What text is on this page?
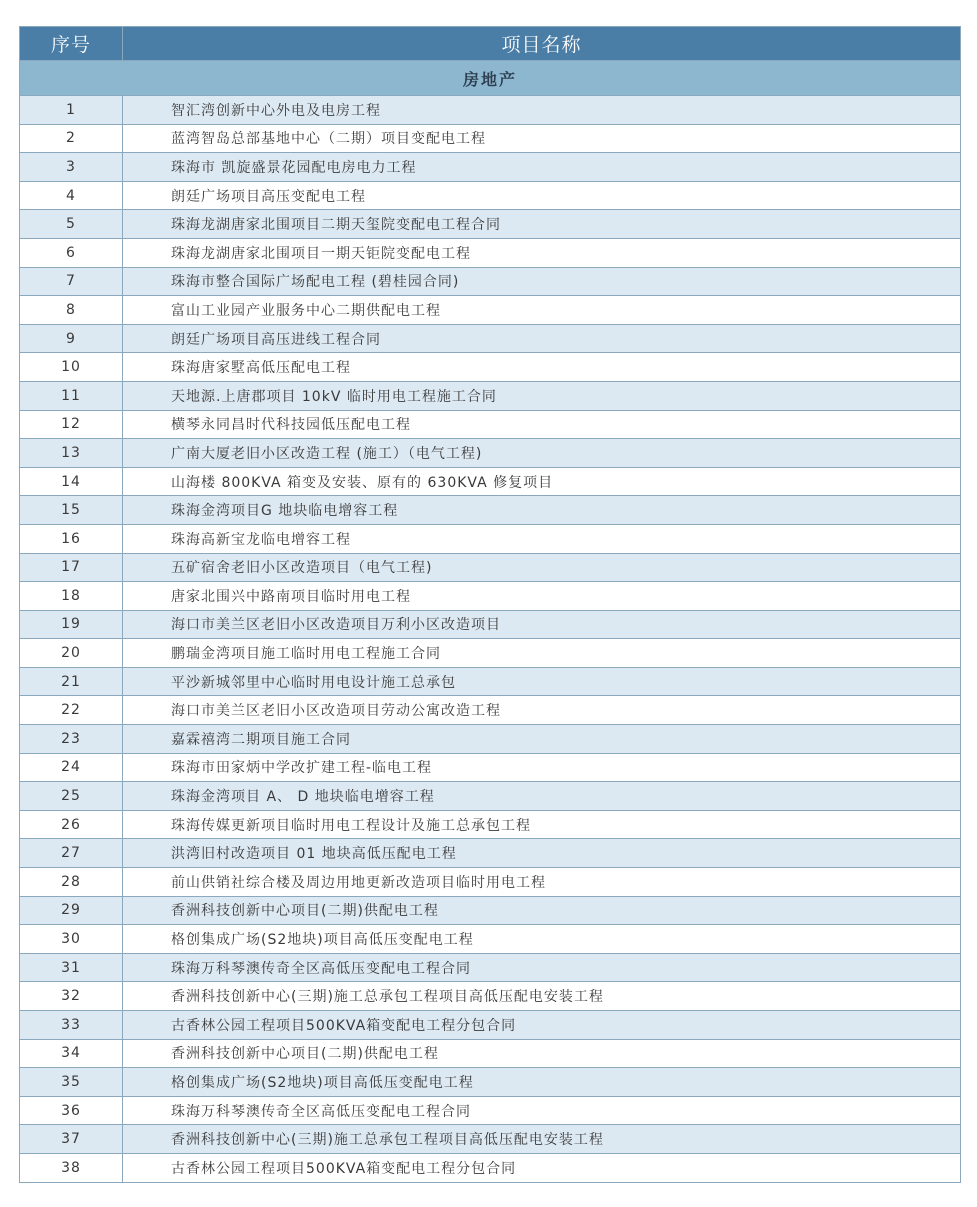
序号	项目名称
房地产	
1	智汇湾创新中心外电及电房工程
2	蓝湾智岛总部基地中心（二期）项目变配电工程
3	珠海市 凯旋盛景花园配电房电力工程
4	朗廷广场项目高压变配电工程
5	珠海龙湖唐家北围项目二期天玺院变配电工程合同
6	珠海龙湖唐家北围项目一期天钜院变配电工程
7	珠海市整合国际广场配电工程 (碧桂园合同)
8	富山工业园产业服务中心二期供配电工程
9	朗廷广场项目高压进线工程合同
10	珠海唐家墅高低压配电工程
11	天地源.上唐郡项目 10kV 临时用电工程施工合同
12	横琴永同昌时代科技园低压配电工程
13	广南大厦老旧小区改造工程 (施工）（电气工程)
14	山海楼 800KVA 箱变及安装、原有的 630KVA 修复项目
15	珠海金湾项目G 地块临电增容工程
16	珠海高新宝龙临电增容工程
17	五矿宿舍老旧小区改造项目（电气工程)
18	唐家北围兴中路南项目临时用电工程
19	海口市美兰区老旧小区改造项目万利小区改造项目
20	鹏瑞金湾项目施工临时用电工程施工合同
21	平沙新城邻里中心临时用电设计施工总承包
22	海口市美兰区老旧小区改造项目劳动公寓改造工程
23	嘉霖禧湾二期项目施工合同
24	珠海市田家炳中学改扩建工程-临电工程
25	珠海金湾项目 A、 D 地块临电增容工程
26	珠海传媒更新项目临时用电工程设计及施工总承包工程
27	洪湾旧村改造项目 01 地块高低压配电工程
28	前山供销社综合楼及周边用地更新改造项目临时用电工程
29	香洲科技创新中心项目(二期)供配电工程
30	格创集成广场(S2地块)项目高低压变配电工程
31	珠海万科琴澳传奇全区高低压变配电工程合同
32	香洲科技创新中心(三期)施工总承包工程项目高低压配电安装工程
33	古香林公园工程项目500KVA箱变配电工程分包合同
34	香洲科技创新中心项目(二期)供配电工程
35	格创集成广场(S2地块)项目高低压变配电工程
36	珠海万科琴澳传奇全区高低压变配电工程合同
37	香洲科技创新中心(三期)施工总承包工程项目高低压配电安装工程
38	古香林公园工程项目500KVA箱变配电工程分包合同
